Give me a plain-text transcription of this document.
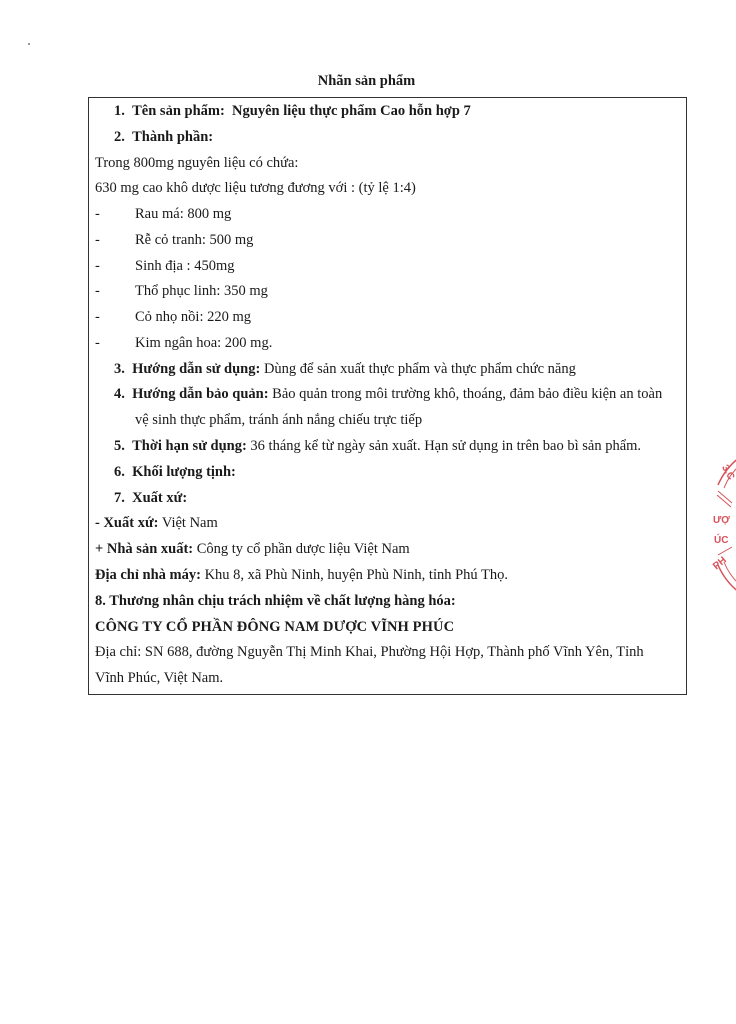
Nhãn sản phẩm
1. Tên sản phẩm: Nguyên liệu thực phẩm Cao hỗn hợp 7
2. Thành phần:
Trong 800mg nguyên liệu có chứa:
630 mg cao khô dược liệu tương đương với : (tỷ lệ 1:4)
- Rau má: 800 mg
- Rễ cỏ tranh: 500 mg
- Sinh địa : 450mg
- Thổ phục linh: 350 mg
- Cỏ nhọ nồi: 220 mg
- Kim ngân hoa: 200 mg.
3. Hướng dẫn sử dụng: Dùng để sản xuất thực phẩm và thực phẩm chức năng
4. Hướng dẫn bảo quản: Bảo quản trong môi trường khô, thoáng, đảm bảo điều kiện an toàn
vệ sinh thực phẩm, tránh ánh nắng chiếu trực tiếp
5. Thời hạn sử dụng: 36 tháng kể từ ngày sản xuất. Hạn sử dụng in trên bao bì sản phẩm.
6. Khối lượng tịnh:
7. Xuất xứ:
- Xuất xứ: Việt Nam
+ Nhà sản xuất: Công ty cổ phần dược liệu Việt Nam
Địa chỉ nhà máy: Khu 8, xã Phù Ninh, huyện Phù Ninh, tỉnh Phú Thọ.
8. Thương nhân chịu trách nhiệm về chất lượng hàng hóa:
CÔNG TY CỔ PHẦN ĐÔNG NAM DƯỢC VĨNH PHÚC
Địa chỉ: SN 688, đường Nguyễn Thị Minh Khai, Phường Hội Hợp, Thành phố Vĩnh Yên, Tỉnh
Vĩnh Phúc, Việt Nam.
3.C
ƯỢ
ÚC
PH
